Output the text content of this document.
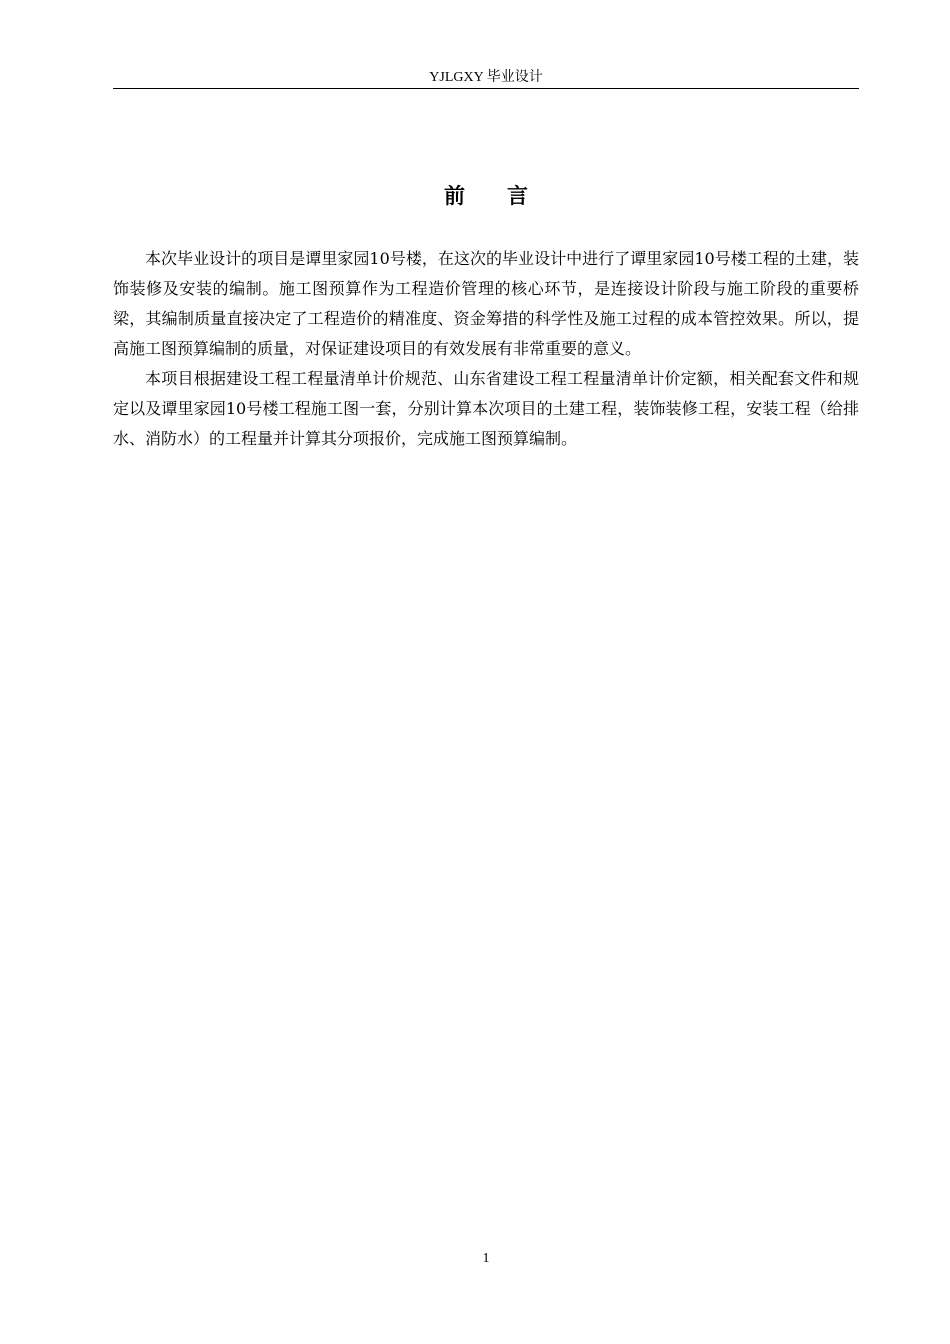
YJLGXY 毕业设计
前言

本次毕业设计的项目是谭里家园10号楼，在这次的毕业设计中进行了谭里家园10号楼工程的土建，装饰装修及安装的编制。施工图预算作为工程造价管理的核心环节，是连接设计阶段与施工阶段的重要桥梁，其编制质量直接决定了工程造价的精准度、资金筹措的科学性及施工过程的成本管控效果。所以，提高施工图预算编制的质量，对保证建设项目的有效发展有非常重要的意义。

本项目根据建设工程工程量清单计价规范、山东省建设工程工程量清单计价定额，相关配套文件和规定以及谭里家园10号楼工程施工图一套，分别计算本次项目的土建工程，装饰装修工程，安装工程（给排水、消防水）的工程量并计算其分项报价，完成施工图预算编制。

1
